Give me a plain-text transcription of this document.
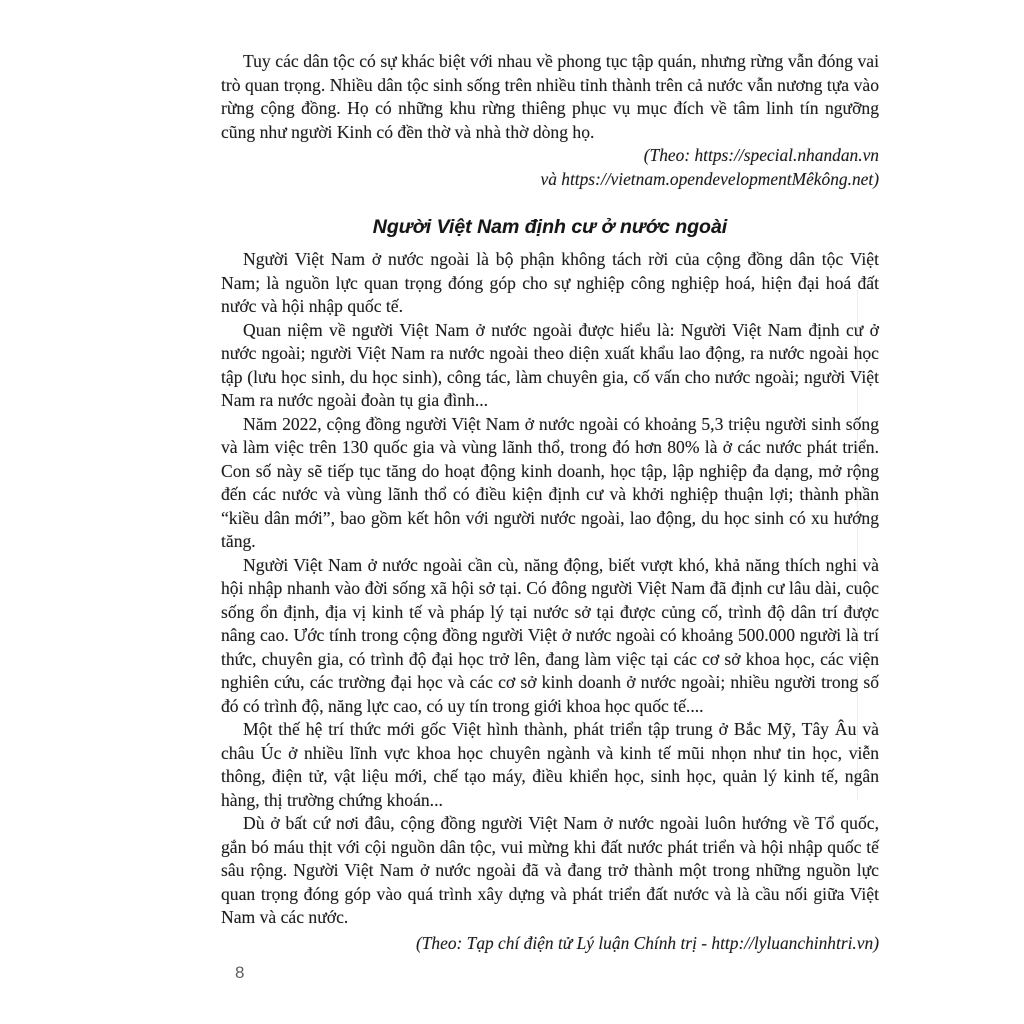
Tuy các dân tộc có sự khác biệt với nhau về phong tục tập quán, nhưng rừng vẫn đóng vai trò quan trọng. Nhiều dân tộc sinh sống trên nhiều tỉnh thành trên cả nước vẫn nương tựa vào rừng cộng đồng. Họ có những khu rừng thiêng phục vụ mục đích về tâm linh tín ngưỡng cũng như người Kinh có đền thờ và nhà thờ dòng họ.

(Theo: https://special.nhandan.vn

và https://vietnam.opendevelopmentMêkông.net)

Người Việt Nam định cư ở nước ngoài

Người Việt Nam ở nước ngoài là bộ phận không tách rời của cộng đồng dân tộc Việt Nam; là nguồn lực quan trọng đóng góp cho sự nghiệp công nghiệp hoá, hiện đại hoá đất nước và hội nhập quốc tế.

Quan niệm về người Việt Nam ở nước ngoài được hiểu là: Người Việt Nam định cư ở nước ngoài; người Việt Nam ra nước ngoài theo diện xuất khẩu lao động, ra nước ngoài học tập (lưu học sinh, du học sinh), công tác, làm chuyên gia, cố vấn cho nước ngoài; người Việt Nam ra nước ngoài đoàn tụ gia đình...

Năm 2022, cộng đồng người Việt Nam ở nước ngoài có khoảng 5,3 triệu người sinh sống và làm việc trên 130 quốc gia và vùng lãnh thổ, trong đó hơn 80% là ở các nước phát triển. Con số này sẽ tiếp tục tăng do hoạt động kinh doanh, học tập, lập nghiệp đa dạng, mở rộng đến các nước và vùng lãnh thổ có điều kiện định cư và khởi nghiệp thuận lợi; thành phần “kiều dân mới”, bao gồm kết hôn với người nước ngoài, lao động, du học sinh có xu hướng tăng.

Người Việt Nam ở nước ngoài cần cù, năng động, biết vượt khó, khả năng thích nghi và hội nhập nhanh vào đời sống xã hội sở tại. Có đông người Việt Nam đã định cư lâu dài, cuộc sống ổn định, địa vị kinh tế và pháp lý tại nước sở tại được củng cố, trình độ dân trí được nâng cao. Ước tính trong cộng đồng người Việt ở nước ngoài có khoảng 500.000 người là trí thức, chuyên gia, có trình độ đại học trở lên, đang làm việc tại các cơ sở khoa học, các viện nghiên cứu, các trường đại học và các cơ sở kinh doanh ở nước ngoài; nhiều người trong số đó có trình độ, năng lực cao, có uy tín trong giới khoa học quốc tế....

Một thế hệ trí thức mới gốc Việt hình thành, phát triển tập trung ở Bắc Mỹ, Tây Âu và châu Úc ở nhiều lĩnh vực khoa học chuyên ngành và kinh tế mũi nhọn như tin học, viễn thông, điện tử, vật liệu mới, chế tạo máy, điều khiển học, sinh học, quản lý kinh tế, ngân hàng, thị trường chứng khoán...

Dù ở bất cứ nơi đâu, cộng đồng người Việt Nam ở nước ngoài luôn hướng về Tổ quốc, gắn bó máu thịt với cội nguồn dân tộc, vui mừng khi đất nước phát triển và hội nhập quốc tế sâu rộng. Người Việt Nam ở nước ngoài đã và đang trở thành một trong những nguồn lực quan trọng đóng góp vào quá trình xây dựng và phát triển đất nước và là cầu nối giữa Việt Nam và các nước.

(Theo: Tạp chí điện tử Lý luận Chính trị - http://lyluanchinhtri.vn)

8
